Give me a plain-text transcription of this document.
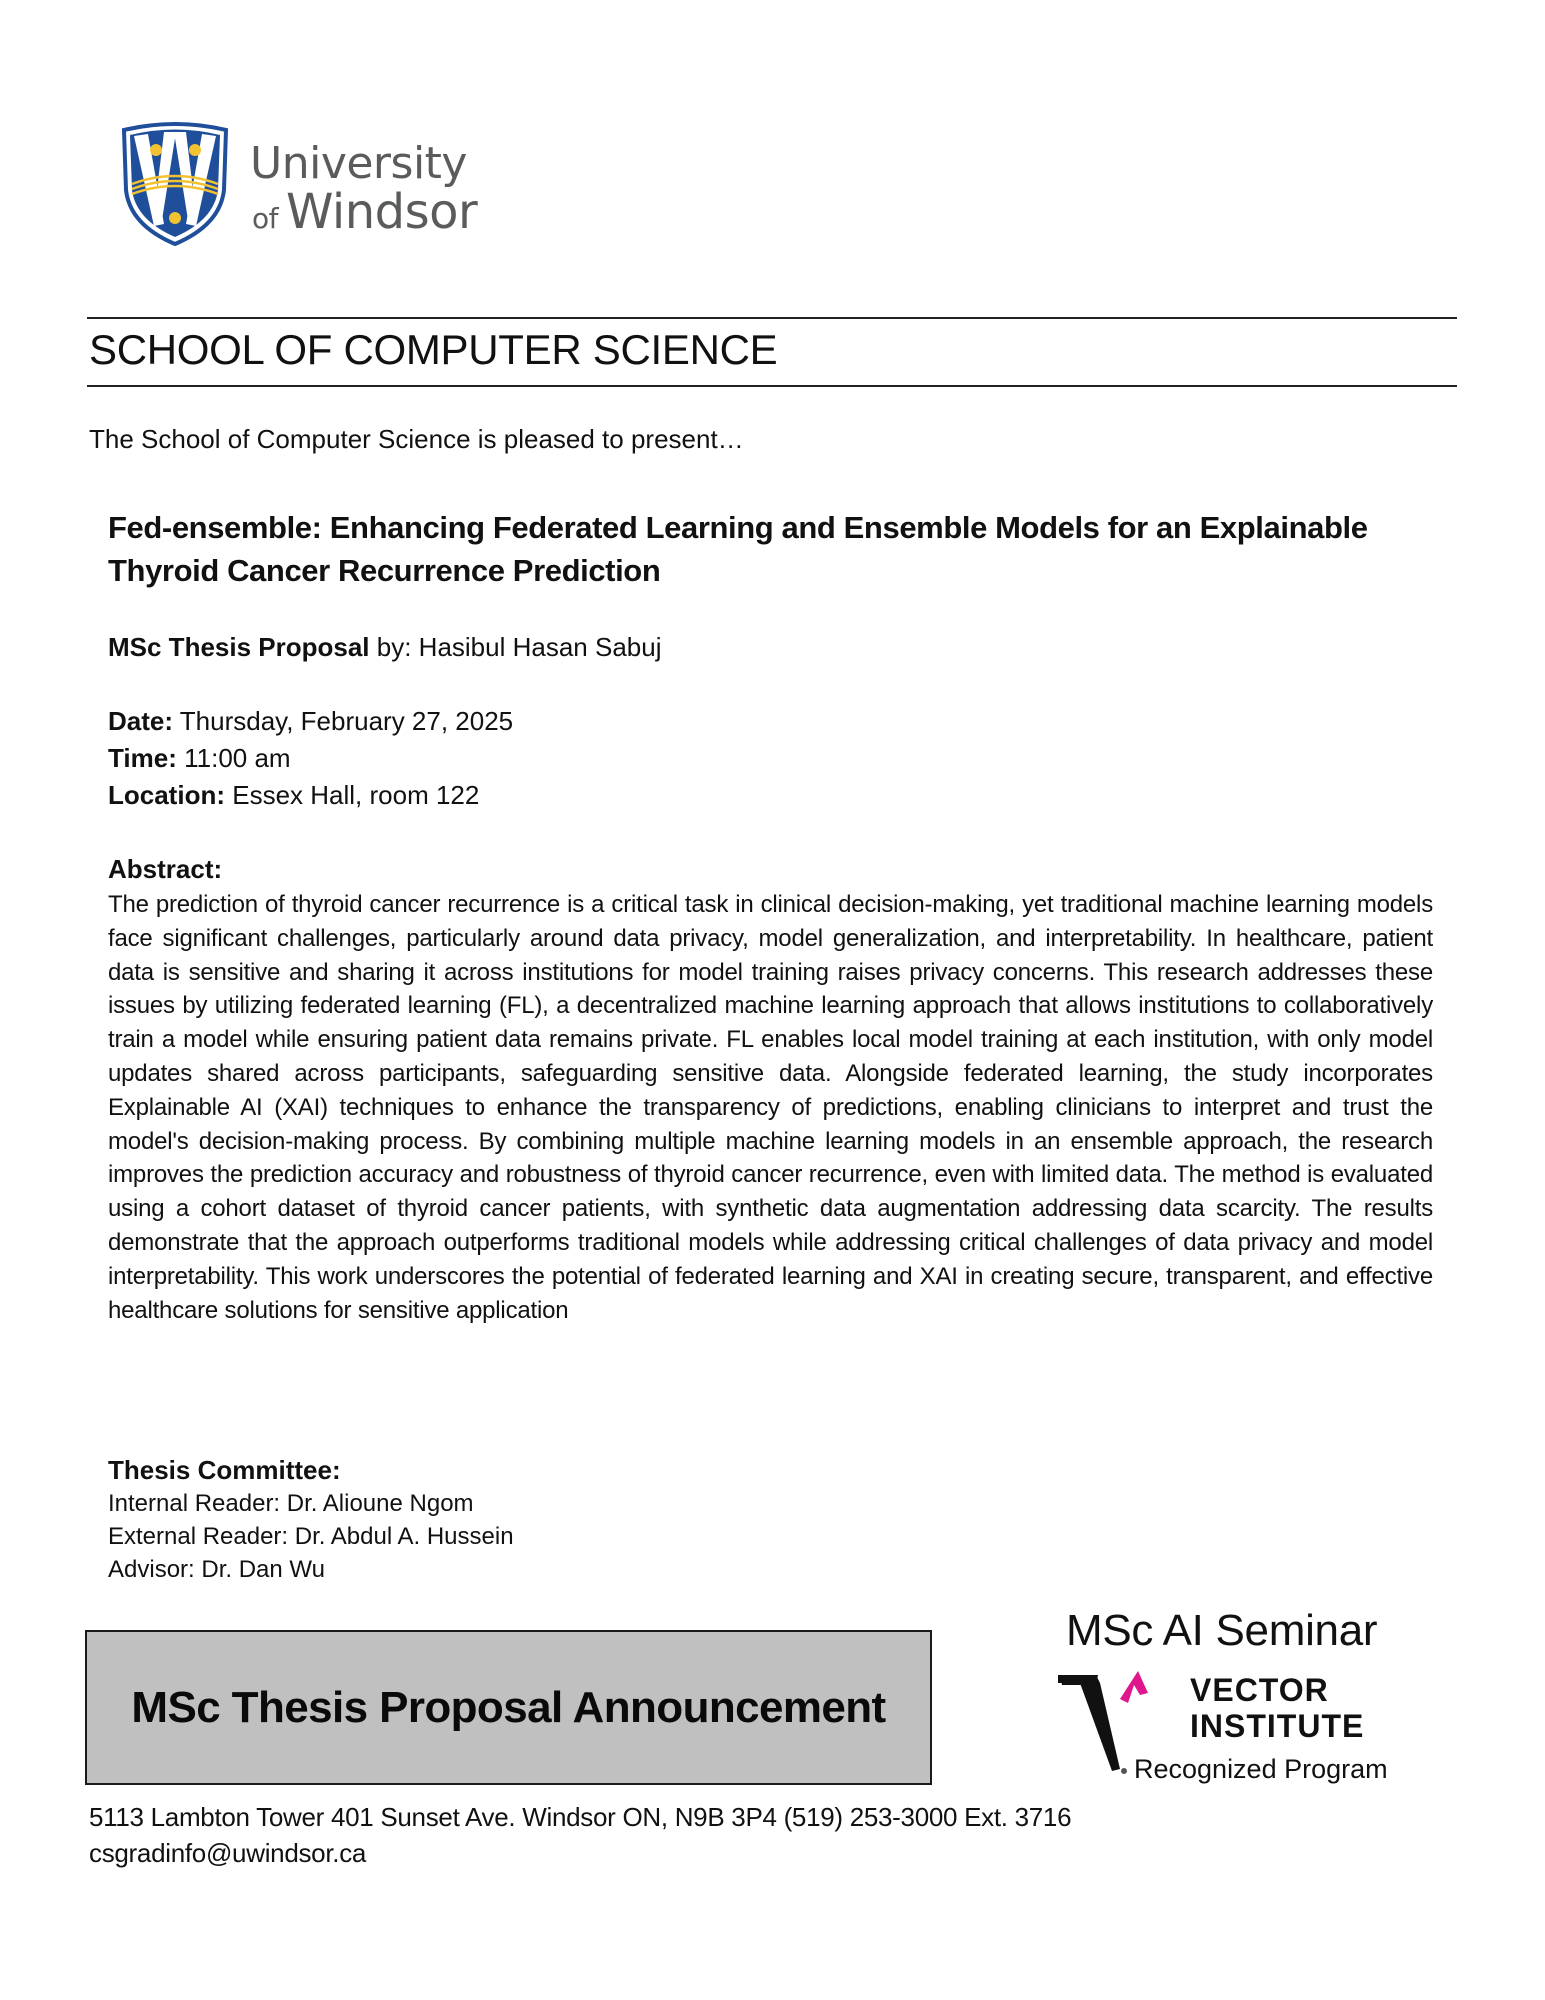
University
of Windsor
SCHOOL OF COMPUTER SCIENCE
The School of Computer Science is pleased to present…
Fed-ensemble: Enhancing Federated Learning and Ensemble Models for an Explainable Thyroid Cancer Recurrence Prediction
MSc Thesis Proposal by: Hasibul Hasan Sabuj
Date: Thursday, February 27, 2025
Time: 11:00 am
Location: Essex Hall, room 122
Abstract:
The prediction of thyroid cancer recurrence is a critical task in clinical decision-making, yet traditional machine learning models face significant challenges, particularly around data privacy, model generalization, and interpretability. In healthcare, patient data is sensitive and sharing it across institutions for model training raises privacy concerns. This research addresses these issues by utilizing federated learning (FL), a decentralized machine learning approach that allows institutions to collaboratively train a model while ensuring patient data remains private. FL enables local model training at each institution, with only model updates shared across participants, safeguarding sensitive data. Alongside federated learning, the study incorporates Explainable AI (XAI) techniques to enhance the transparency of predictions, enabling clinicians to interpret and trust the model's decision-making process. By combining multiple machine learning models in an ensemble approach, the research improves the prediction accuracy and robustness of thyroid cancer recurrence, even with limited data. The method is evaluated using a cohort dataset of thyroid cancer patients, with synthetic data augmentation addressing data scarcity. The results demonstrate that the approach outperforms traditional models while addressing critical challenges of data privacy and model interpretability. This work underscores the potential of federated learning and XAI in creating secure, transparent, and effective healthcare solutions for sensitive application
Thesis Committee:
Internal Reader: Dr. Alioune Ngom
External Reader: Dr. Abdul A. Hussein
Advisor: Dr. Dan Wu
MSc Thesis Proposal Announcement
MSc AI Seminar
VECTOR
INSTITUTE
Recognized Program
5113 Lambton Tower 401 Sunset Ave. Windsor ON, N9B 3P4 (519) 253-3000 Ext. 3716
csgradinfo@uwindsor.ca
